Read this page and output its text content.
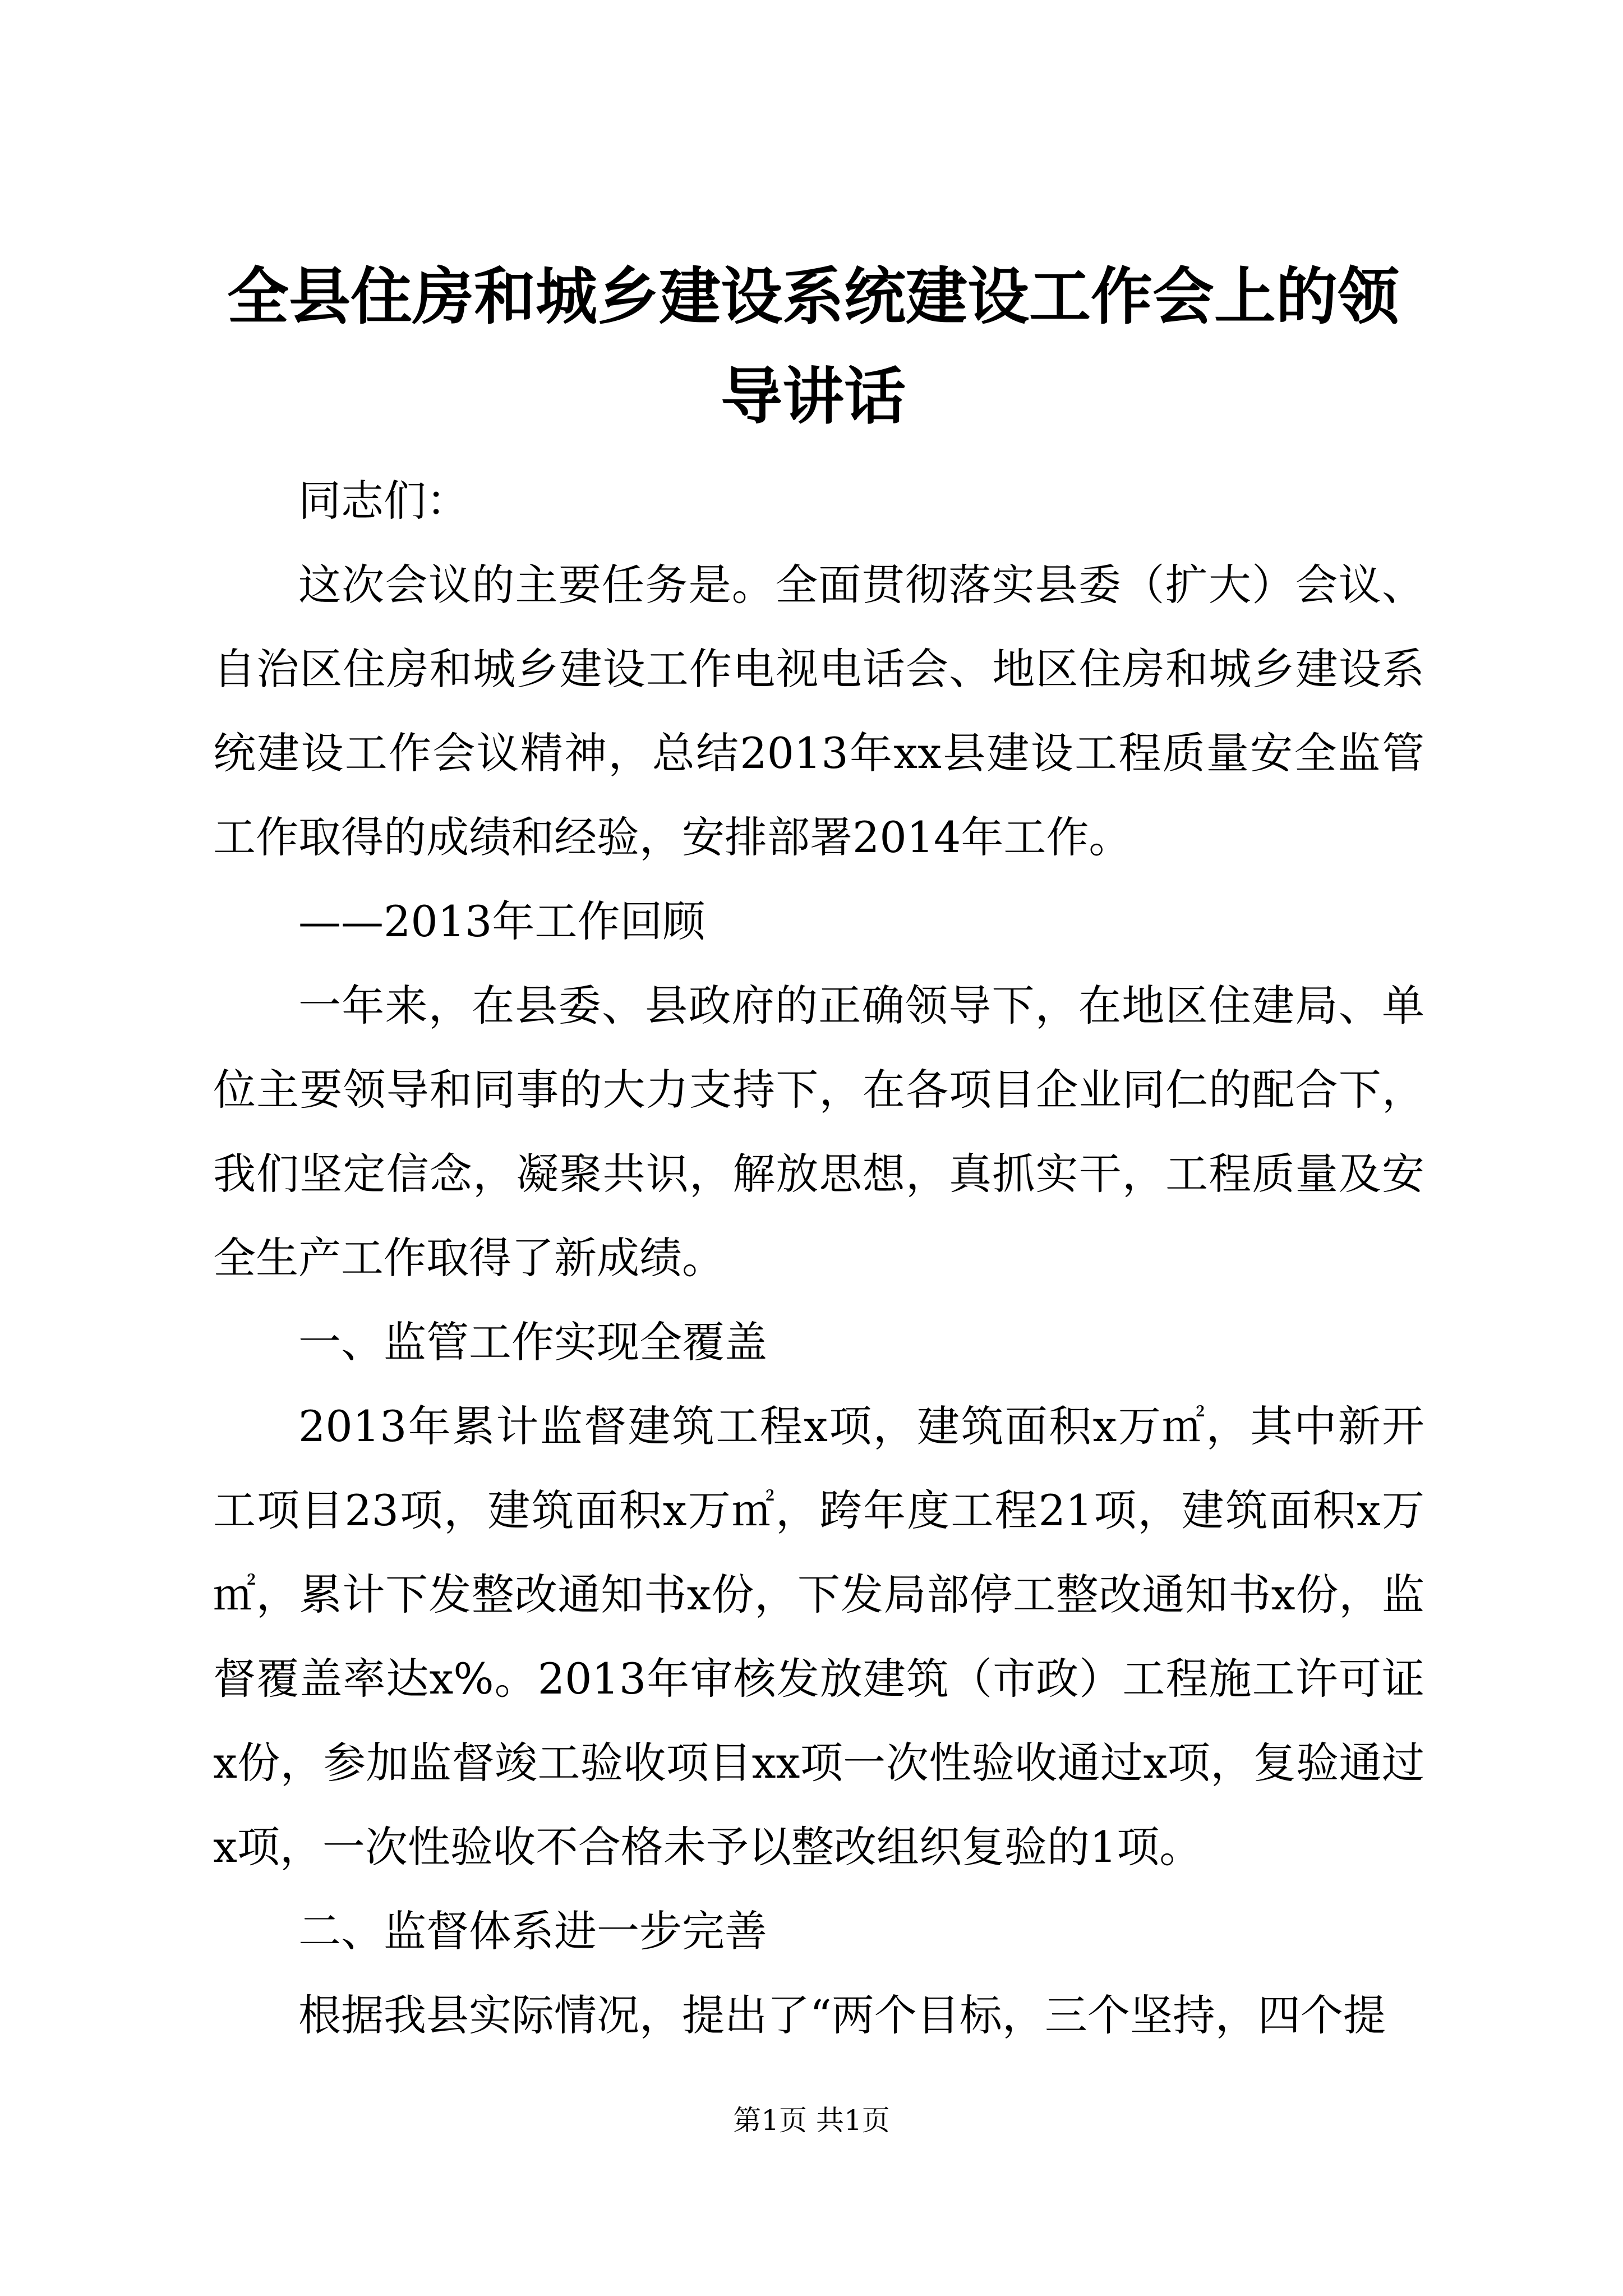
全县住房和城乡建设系统建设工作会上的领导讲话

同志们：

这次会议的主要任务是。全面贯彻落实县委（扩大）会议、自治区住房和城乡建设工作电视电话会、地区住房和城乡建设系统建设工作会议精神，总结2013年xx县建设工程质量安全监管工作取得的成绩和经验，安排部署2014年工作。

——2013年工作回顾

一年来，在县委、县政府的正确领导下，在地区住建局、单位主要领导和同事的大力支持下，在各项目企业同仁的配合下，我们坚定信念，凝聚共识，解放思想，真抓实干，工程质量及安全生产工作取得了新成绩。

一、监管工作实现全覆盖

2013年累计监督建筑工程x项，建筑面积x万㎡，其中新开工项目23项，建筑面积x万㎡，跨年度工程21项，建筑面积x万㎡，累计下发整改通知书x份，下发局部停工整改通知书x份，监督覆盖率达x%。2013年审核发放建筑（市政）工程施工许可证x份，参加监督竣工验收项目xx项一次性验收通过x项，复验通过x项，一次性验收不合格未予以整改组织复验的1项。

二、监督体系进一步完善

根据我县实际情况，提出了“两个目标，三个坚持，四个提

第1页 共1页
